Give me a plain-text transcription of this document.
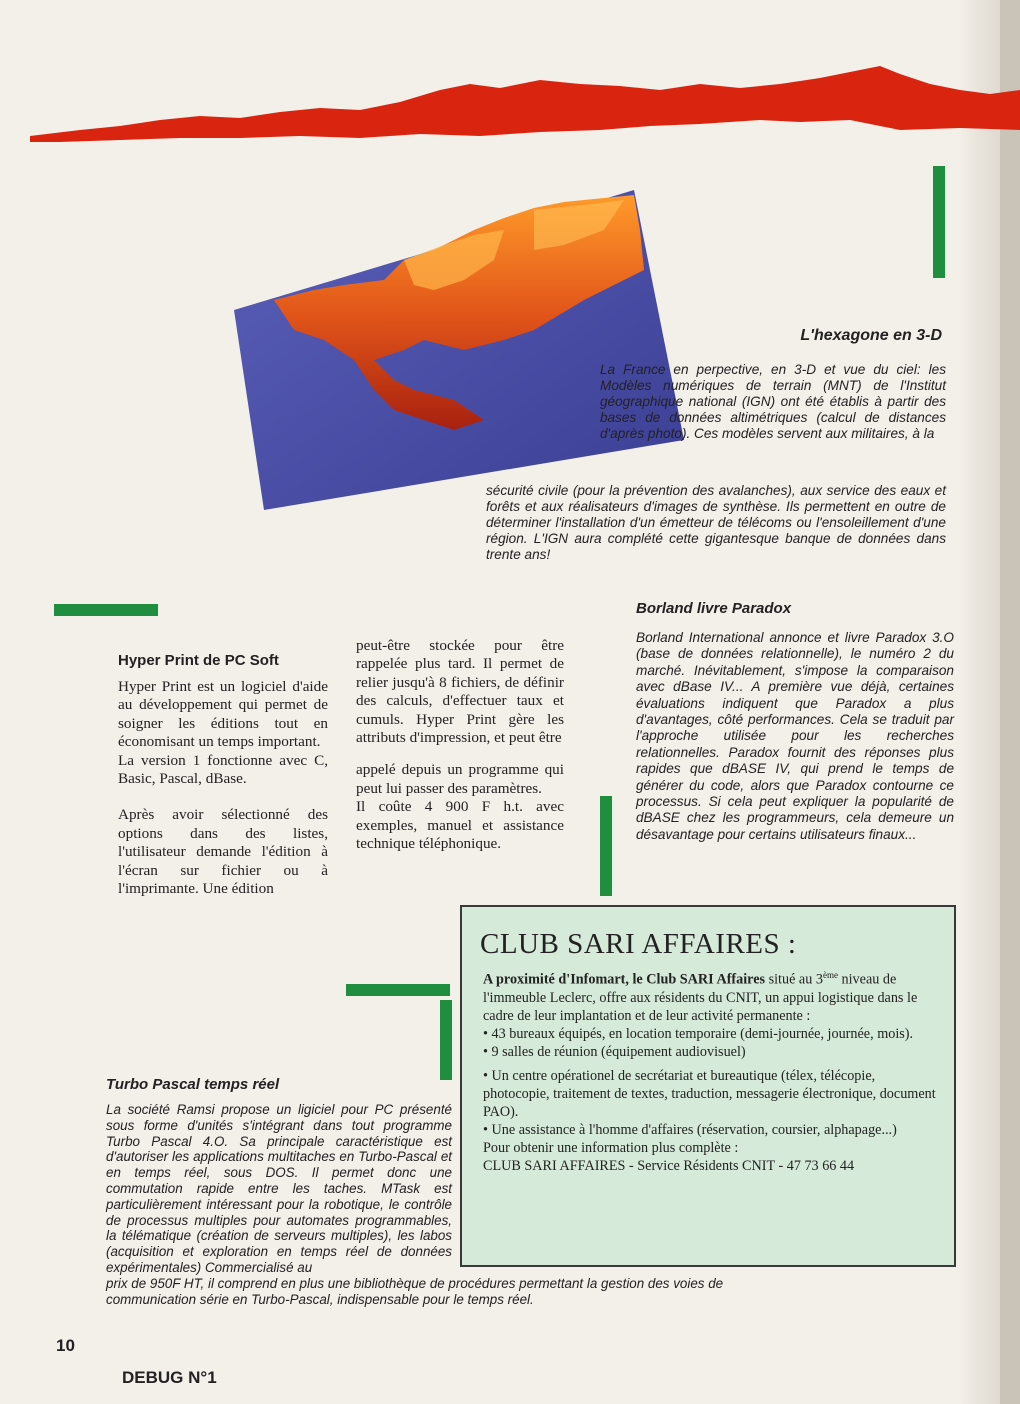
L'hexagone en 3-D

La France en perpective, en 3-D et vue du ciel: les Modèles numériques de terrain (MNT) de l'Institut géographique national (IGN) ont été établis à partir des bases de données altimétriques (calcul de distances d'après photo). Ces modèles servent aux militaires, à la

sécurité civile (pour la prévention des avalanches), aux service des eaux et forêts et aux réalisateurs d'images de synthèse. Ils permettent en outre de déterminer l'installation d'un émetteur de télécoms ou l'ensoleillement d'une région. L'IGN aura complété cette gigantesque banque de données dans trente ans!

Hyper Print de PC Soft

Hyper Print est un logiciel d'aide au développement qui permet de soigner les éditions tout en économisant un temps important.

La version 1 fonctionne avec C, Basic, Pascal, dBase.

Après avoir sélectionné des options dans des listes, l'utilisateur demande l'édition à l'écran sur fichier ou à l'imprimante. Une édition

peut-être stockée pour être rappelée plus tard. Il permet de relier jusqu'à 8 fichiers, de définir des calculs, d'effectuer taux et cumuls. Hyper Print gère les attributs d'impression, et peut être

appelé depuis un programme qui peut lui passer des paramètres.

Il coûte 4 900 F h.t. avec exemples, manuel et assistance technique téléphonique.

Borland livre Paradox

Borland International annonce et livre Paradox 3.O (base de données relationnelle), le numéro 2 du marché. Inévitablement, s'impose la comparaison avec dBase IV... A première vue déjà, certaines évaluations indiquent que Paradox a plus d'avantages, côté performances. Cela se traduit par l'approche utilisée pour les recherches relationnelles. Paradox fournit des réponses plus rapides que dBASE IV, qui prend le temps de générer du code, alors que Paradox contourne ce processus. Si cela peut expliquer la popularité de dBASE chez les programmeurs, cela demeure un désavantage pour certains utilisateurs finaux...

CLUB SARI AFFAIRES :

A proximité d'Infomart, le Club SARI Affaires situé au 3ème niveau de l'immeuble Leclerc, offre aux résidents du CNIT, un appui logistique dans le cadre de leur implantation et de leur activité permanente :

• 43 bureaux équipés, en location temporaire (demi-journée, journée, mois).

• 9 salles de réunion (équipement audiovisuel)

• Un centre opérationel de secrétariat et bureautique (télex, télécopie, photocopie, traitement de textes, traduction, messagerie électronique, document PAO).

• Une assistance à l'homme d'affaires (réservation, coursier, alphapage...)

Pour obtenir une information plus complète :

CLUB SARI AFFAIRES - Service Résidents CNIT - 47 73 66 44

Turbo Pascal temps réel

La société Ramsi propose un ligiciel pour PC présenté sous forme d'unités s'intégrant dans tout programme Turbo Pascal 4.O. Sa principale caractéristique est d'autoriser les applications multitaches en Turbo-Pascal et en temps réel, sous DOS. Il permet donc une commutation rapide entre les taches. MTask est particulièrement intéressant pour la robotique, le contrôle de processus multiples pour automates programmables, la télématique (création de serveurs multiples), les labos (acquisition et exploration en temps réel de données expérimentales) Commercialisé au

prix de 950F HT, il comprend en plus une bibliothèque de procédures permettant la gestion des voies de communication série en Turbo-Pascal, indispensable pour le temps réel.

10
DEBUG N°1
